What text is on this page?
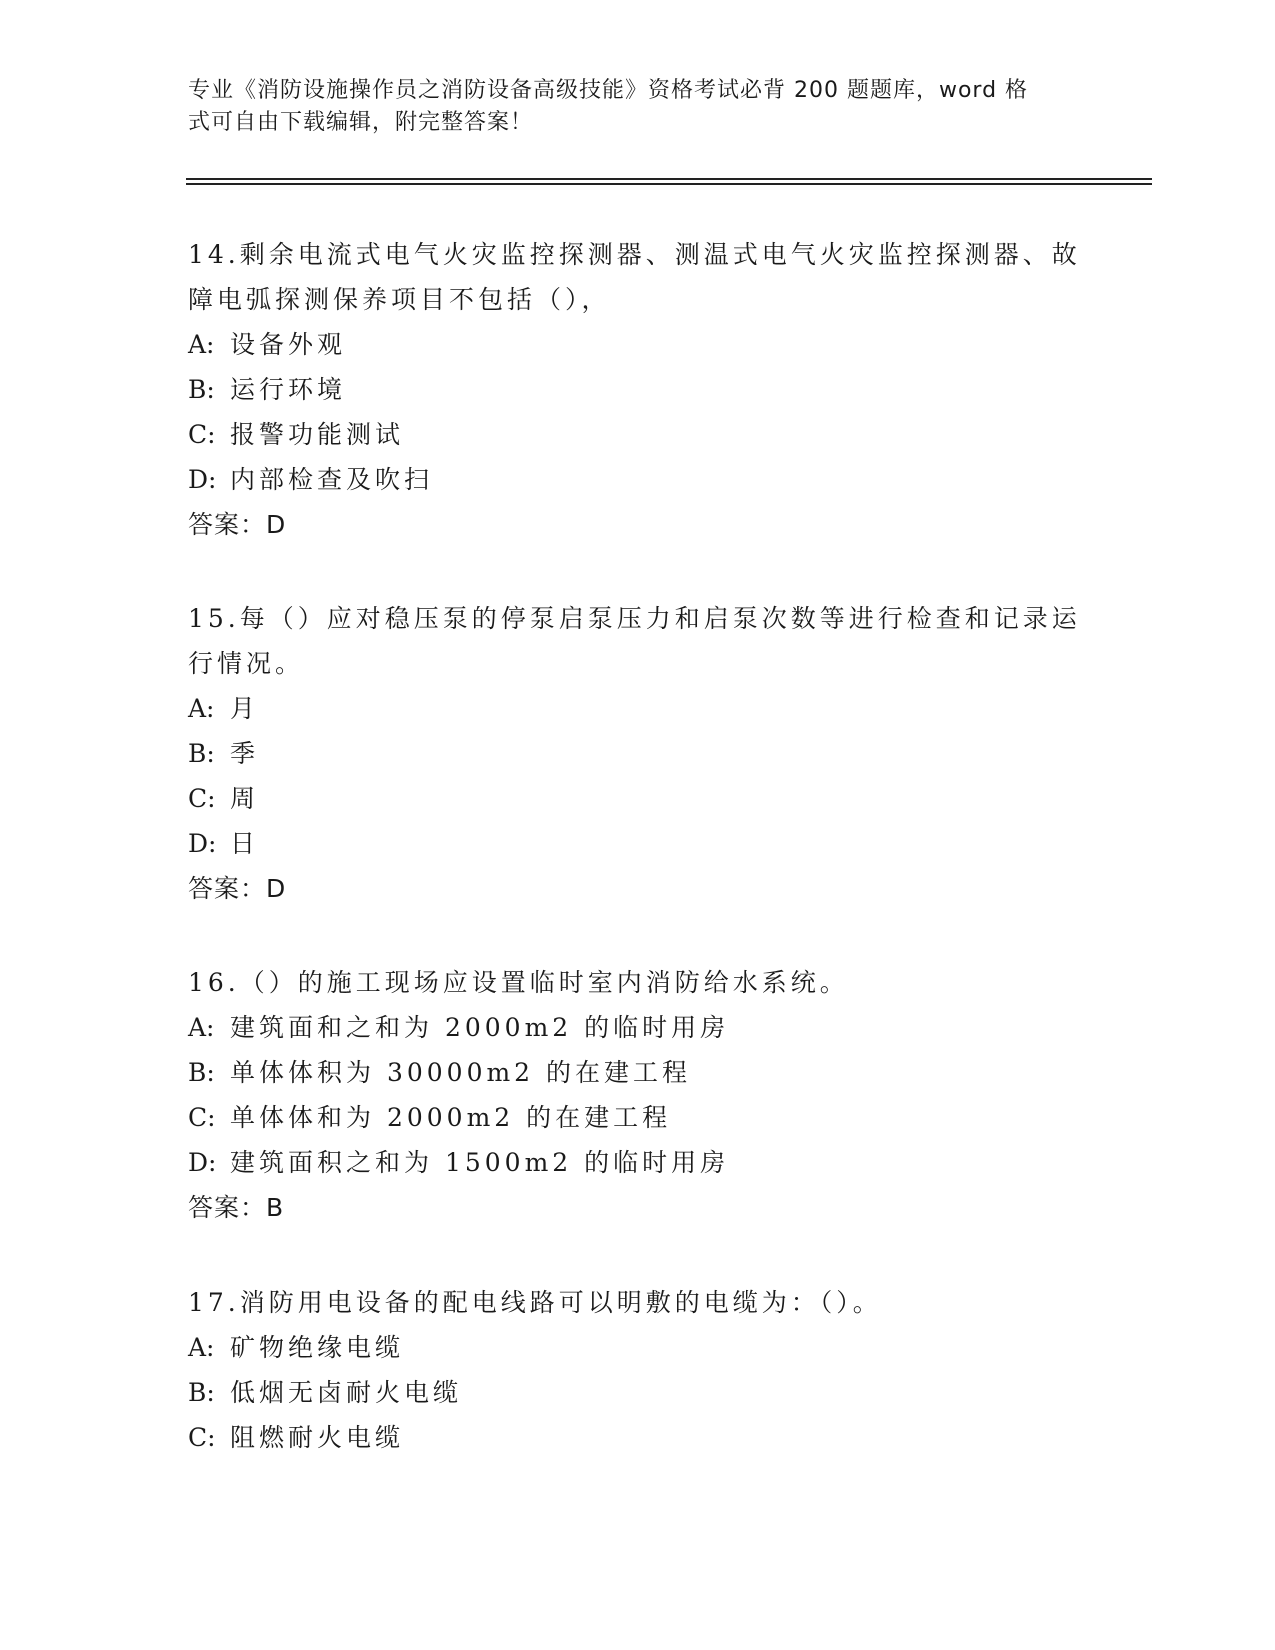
专业《消防设施操作员之消防设备高级技能》资格考试必背 200 题题库，word 格
式可自由下载编辑，附完整答案！

14.剩余电流式电气火灾监控探测器、测温式电气火灾监控探测器、故
障电弧探测保养项目不包括（），

A: 设备外观

B: 运行环境

C: 报警功能测试

D: 内部检查及吹扫

答案：D

15.每（）应对稳压泵的停泵启泵压力和启泵次数等进行检查和记录运
行情况。

A: 月

B: 季

C: 周

D: 日

答案：D

16.（）的施工现场应设置临时室内消防给水系统。

A: 建筑面和之和为 2000m2 的临时用房

B: 单体体积为 30000m2 的在建工程

C: 单体体和为 2000m2 的在建工程

D: 建筑面积之和为 1500m2 的临时用房

答案：B

17.消防用电设备的配电线路可以明敷的电缆为：（）。

A: 矿物绝缘电缆

B: 低烟无卤耐火电缆

C: 阻燃耐火电缆
